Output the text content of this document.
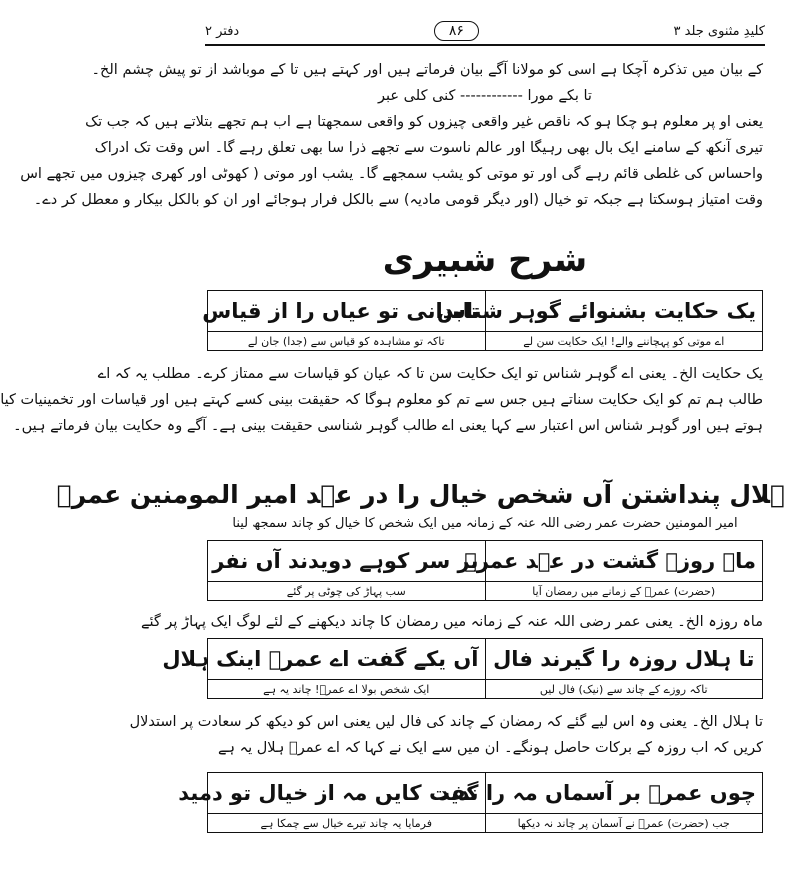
کلیدِ مثنوی جلد ۳
۸۶
دفتر ۲
کے بیان میں تذکرہ آچکا ہے اسی کو مولانا آگے بیان فرماتے ہیں اور کہتے ہیں تا کے موباشد از تو پیش چشم الخ۔
تا بکے مورا ------------ کنی کلی عبر
یعنی او پر معلوم ہو چکا ہو کہ ناقص غیر واقعی چیزوں کو واقعی سمجھتا ہے اب ہم تجھے بتلاتے ہیں کہ جب تک
تیری آنکھ کے سامنے ایک بال بھی رہیگا اور عالم ناسوت سے تجھے ذرا سا بھی تعلق رہے گا۔ اس وقت تک ادراک
واحساس کی غلطی قائم رہے گی اور تو موتی کو یشب سمجھے گا۔ یشب اور موتی ( کھوٹی اور کھری چیزوں میں تجھے اس
وقت امتیاز ہوسکتا ہے جبکہ تو خیال (اور دیگر قومی مادیہ) سے بالکل فرار ہوجائے اور ان کو بالکل بیکار و معطل کر دے۔
شرح شبیری
یک حکایت بشنوائے گوہر شناس	تابدانی تو عیاں را از قیاس
اے موتی کو پہچاننے والے! ایک حکایت سن لے	تاکہ تو مشاہدہ کو قیاس سے (جدا) جان لے
یک حکایت الخ۔ یعنی اے گوہر شناس تو ایک حکایت سن تا کہ عیان کو قیاسات سے ممتاز کرے۔ مطلب یہ کہ اے
طالب ہم تم کو ایک حکایت سناتے ہیں جس سے تم کو معلوم ہوگا کہ حقیقت بینی کسے کہتے ہیں اور قیاسات اور تخمینیات کیا
ہوتے ہیں اور گوہر شناس اس اعتبار سے کہا یعنی اے طالب گوہر شناسی حقیقت بینی ہے۔ آگے وہ حکایت بیان فرماتے ہیں۔
ہلال پنداشتن آں شخص خیال را در عہد امیر المومنین عمرؓ
امیر المومنین حضرت عمر رضی اللہ عنہ کے زمانہ میں ایک شخص کا خیال کو چاند سمجھ لینا
ماہ روزہ گشت در عہد عمرؓ	بر سر کوہے دویدند آں نفر
(حضرت) عمرؓ کے زمانے میں رمضان آیا	سب پہاڑ کی چوٹی پر گئے
ماہ روزہ الخ۔ یعنی عمر رضی اللہ عنہ کے زمانہ میں رمضان کا چاند دیکھنے کے لئے لوگ ایک پہاڑ پر گئے
تا ہلال روزہ را گیرند فال	آں یکے گفت اے عمرؓ اینک ہلال
تاکہ روزے کے چاند سے (نیک) فال لیں	ایک شخص بولا اے عمرؓ! چاند یہ ہے
تا ہلال الخ۔ یعنی وہ اس لیے گئے کہ رمضان کے چاند کی فال لیں یعنی اس کو دیکھ کر سعادت پر استدلال
کریں کہ اب روزہ کے برکات حاصل ہونگے۔ ان میں سے ایک نے کہا کہ اے عمرؓ ہلال یہ ہے
چوں عمرؓ بر آسماں مہ را ندید	گفت کایں مہ از خیال تو دمید
جب (حضرت) عمرؓ نے آسمان پر چاند نہ دیکھا	فرمایا یہ چاند تیرے خیال سے چمکا ہے
